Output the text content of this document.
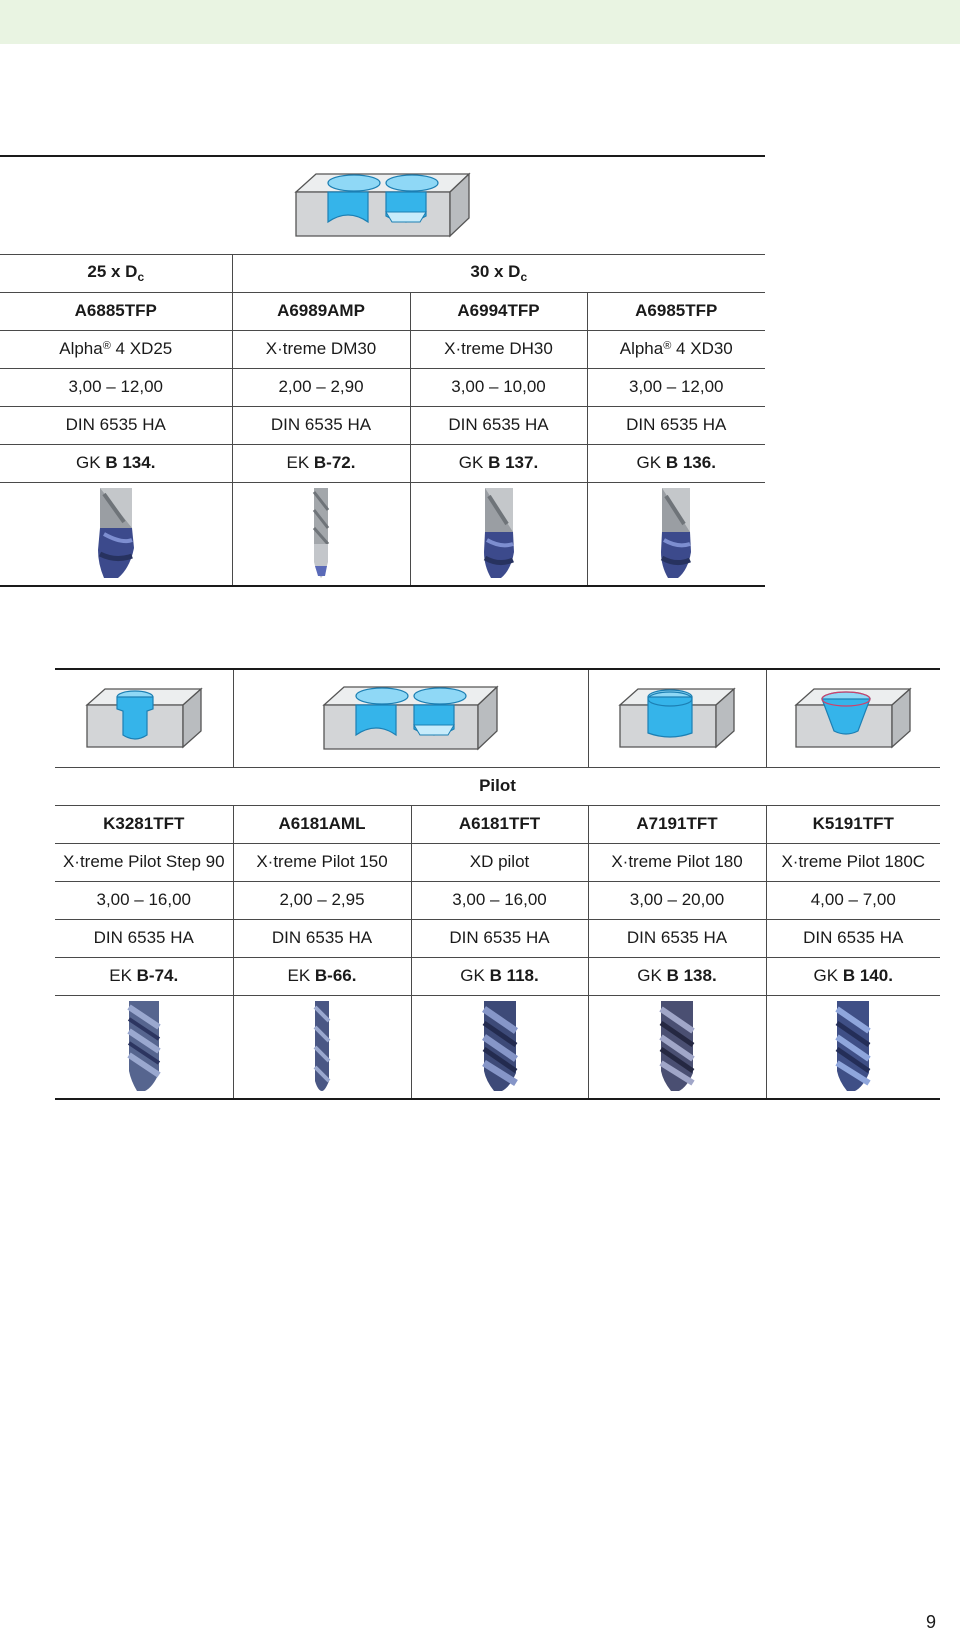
25 x $D_c$	30 x $D_c$
A6885TFP	A6989AMP	A6994TFP	A6985TFP
Alpha® 4 XD25	X·treme DM30	X·treme DH30	Alpha® 4 XD30
3,00 – 12,00	2,00 – 2,90	3,00 – 10,00	3,00 – 12,00
DIN 6535 HA	DIN 6535 HA	DIN 6535 HA	DIN 6535 HA
GK B 134.	EK B-72.	GK B 137.	GK B 136.

Pilot				
K3281TFT	A6181AML	A6181TFT	A7191TFT	K5191TFT
X·treme Pilot Step 90	X·treme Pilot 150	XD pilot	X·treme Pilot 180	X·treme Pilot 180C
3,00 – 16,00	2,00 – 2,95	3,00 – 16,00	3,00 – 20,00	4,00 – 7,00
DIN 6535 HA	DIN 6535 HA	DIN 6535 HA	DIN 6535 HA	DIN 6535 HA
EK B-74.	EK B-66.	GK B 118.	GK B 138.	GK B 140.

9
